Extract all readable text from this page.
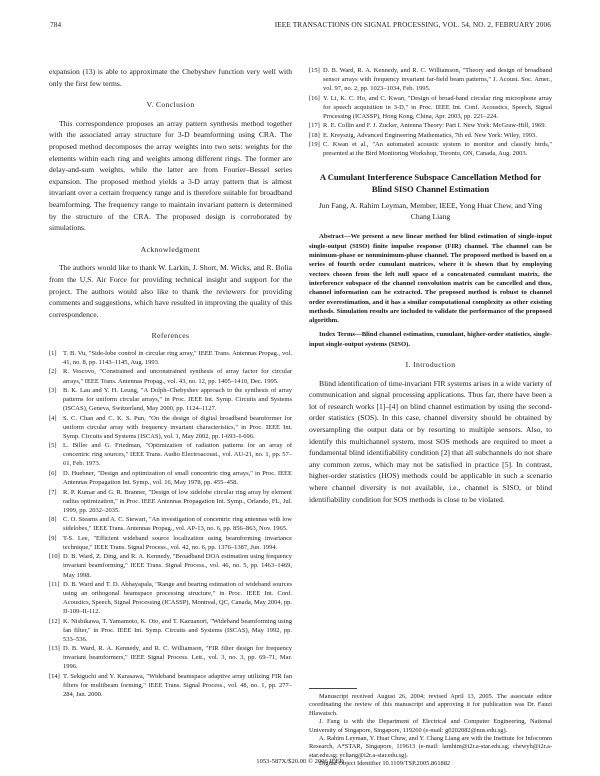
784	IEEE TRANSACTIONS ON SIGNAL PROCESSING, VOL. 54, NO. 2, FEBRUARY 2006

expansion (13) is able to approximate the Chebyshev function very well with only the first few terms.

V. Conclusion

This correspondence proposes an array pattern synthesis method together with the associated array structure for 3-D beamforming using CRA. The proposed method decomposes the array weights into two sets: weights for the elements within each ring and weights among different rings. The former are delay-and-sum weights, while the latter are from Fourier–Bessel series expansion. The proposed method yields a 3-D array pattern that is almost invariant over a certain frequency range and is therefore suitable for broadband beamforming. The frequency range to maintain invariant pattern is determined by the structure of the CRA. The proposed design is corroborated by simulations.

Acknowledgment

The authors would like to thank W. Larkin, J. Short, M. Wicks, and R. Bolia from the U.S. Air Force for providing technical insight and support for the project. The authors would also like to thank the reviewers for providing comments and suggestions, which have resulted in improving the quality of this correspondence.

References
[1] T. B. Vu, "Side-lobe control in circular ring array," IEEE Trans. Antennas Propag., vol. 41, no. 8, pp. 1143–1145, Aug. 1993.
[2] R. Vescovo, "Constrained and unconstrained synthesis of array factor for circular arrays," IEEE Trans. Antennas Propag., vol. 43, no. 12, pp. 1405–1410, Dec. 1995.
[3] B. K. Lau and Y. H. Leung, "A Dolph–Chebyshev approach to the synthesis of array patterns for uniform circular arrays," in Proc. IEEE Int. Symp. Circuits and Systems (ISCAS), Geneva, Switzerland, May 2000, pp. 1124–1127.
[4] S. C. Chan and C. K. S. Pun, "On the design of digital broadband beamformer for uniform circular array with frequency invariant characteristics," in Proc. IEEE Int. Symp. Circuits and Systems (ISCAS), vol. 1, May 2002, pp. I-693–I-696.
[5] L. Biller and G. Friedman, "Optimization of radiation patterns for an array of concentric ring sources," IEEE Trans. Audio Electroacoust., vol. AU-21, no. 1, pp. 57–61, Feb. 1973.
[6] D. Huebner, "Design and optimization of small concentric ring arrays," in Proc. IEEE Antennas Propagation Int. Symp., vol. 16, May 1978, pp. 455–458.
[7] R. P. Kumar and G. R. Branner, "Design of low sidelobe circular ring array by element radius optimization," in Proc. IEEE Antennas Propagation Int. Symp., Orlando, FL, Jul. 1999, pp. 2032–2035.
[8] C. O. Stearns and A. C. Stewart, "An investigation of concentric ring antennas with low sidelobes," IEEE Trans. Antennas Propag., vol. AP-13, no. 6, pp. 856–863, Nov. 1965.
[9] T-S. Lee, "Efficient wideband source localization using beamforming invariance technique," IEEE Trans. Signal Process., vol. 42, no. 6, pp. 1376–1387, Jun. 1994.
[10] D. B. Ward, Z. Ding, and R. A. Kennedy, "Broadband DOA estimation using frequency invariant beamforming," IEEE Trans. Signal Process., vol. 46, no. 5, pp. 1463–1469, May 1998.
[11] D. B. Ward and T. D. Abhayapala, "Range and bearing estimation of wideband sources using an orthogonal beamspace processing structure," in Proc. IEEE Int. Conf. Acoustics, Speech, Signal Processing (ICASSP), Montreal, QC, Canada, May 2004, pp. II-109–II-112.
[12] K. Nishikawa, T. Yamamoto, K. Oto, and T. Kazuanori, "Wideband beamforming using fan filter," in Proc. IEEE Int. Symp. Circuits and Systems (ISCAS), May 1992, pp. 533–536.
[13] D. B. Ward, R. A. Kennedy, and R. C. Williamson, "FIR filter design for frequency invariant beamformers," IEEE Signal Process. Lett., vol. 3, no. 3, pp. 69–71, Mar. 1996.
[14] T. Sekiguchi and Y. Karasawa, "Wideband beamspace adaptive array utilizing FIR fan filters for multibeam forming," IEEE Trans. Signal Process., vol. 48, no. 1, pp. 277–284, Jan. 2000.
[15] D. B. Ward, R. A. Kennedy, and R. C. Williamson, "Theory and design of broadband sensor arrays with frequency invariant far-field beam patterns," J. Acoust. Soc. Amer., vol. 97, no. 2, pp. 1023–1034, Feb. 1995.
[16] Y. Li, K. C. Ho, and C. Kwan, "Design of broad-band circular ring microphone array for speech acquisition in 3-D," in Proc. IEEE Int. Conf. Acoustics, Speech, Signal Processing (ICASSP), Hong Kong, China, Apr. 2003, pp. 221–224.
[17] R. E. Collin and F. J. Zucker, Antenna Theory: Part I. New York: McGraw-Hill, 1969.
[18] E. Kreyszig, Advanced Engineering Mathematics, 7th ed. New York: Wiley, 1993.
[19] C. Kwan et al., "An automated acoustic system to monitor and classify birds," presented at the Bird Monitoring Workshop, Toronto, ON, Canada, Aug. 2003.
A Cumulant Interference Subspace Cancellation Method for Blind SISO Channel Estimation
Jun Fang, A. Rahim Leyman, Member, IEEE, Yong Huat Chew, and Ying Chang Liang

Abstract—We present a new linear method for blind estimation of single-input single-output (SISO) finite impulse response (FIR) channel. The channel can be minimum-phase or nonminimum-phase channel. The proposed method is based on a series of fourth order cumulant matrices, where it is shown that by employing vectors chosen from the left null space of a concatenated cumulant matrix, the interference subspace of the channel convolution matrix can be cancelled and thus, channel information can be extracted. The proposed method is robust to channel order overestimation, and it has a similar computational complexity as other existing methods. Simulation results are included to validate the performance of the proposed algorithm.

Index Terms—Blind channel estimation, cumulant, higher-order statistics, single-input single-output systems (SISO).

I. Introduction

Blind identification of time-invariant FIR systems arises in a wide variety of communication and signal processing applications. Thus far, there have been a lot of research works [1]–[4] on blind channel estimation by using the second-order statistics (SOS). In this case, channel diversity should be obtained by oversampling the output data or by resorting to multiple sensors. Also, to identify this multichannel system, most SOS methods are required to meet a fundamental blind identifiability condition [2] that all subchannels do not share any common zeros, which may not be satisfied in practice [5]. In contrast, higher-order statistics (HOS) methods could be applicable in such a scenario where channel diversity is not available, i.e., channel is SISO, or blind identifiability condition for SOS methods is close to be violated.

Manuscript received August 26, 2004; revised April 13, 2005. The associate editor coordinating the review of this manuscript and approving it for publication was Dr. Fauzi Hlawatsch.

J. Fang is with the Department of Electrical and Computer Engineering, National University of Singapore, Singapore, 119260 (e-mail: g0202082@nus.edu.sg).

A. Rahim Leyman, Y. Huat Chew, and Y. Chang Liang are with the Institute for Infocomm Research, A*STAR, Singapore, 119613 (e-mail: lamhim@i2r.a-star.edu.sg; chewyh@i2r.a-star.edu.sg; ycliang@i2r.a-star.edu.sg).

Digital Object Identifier 10.1109/TSP.2005.861882

1053-587X/$20.00 © 2006 IEEE
